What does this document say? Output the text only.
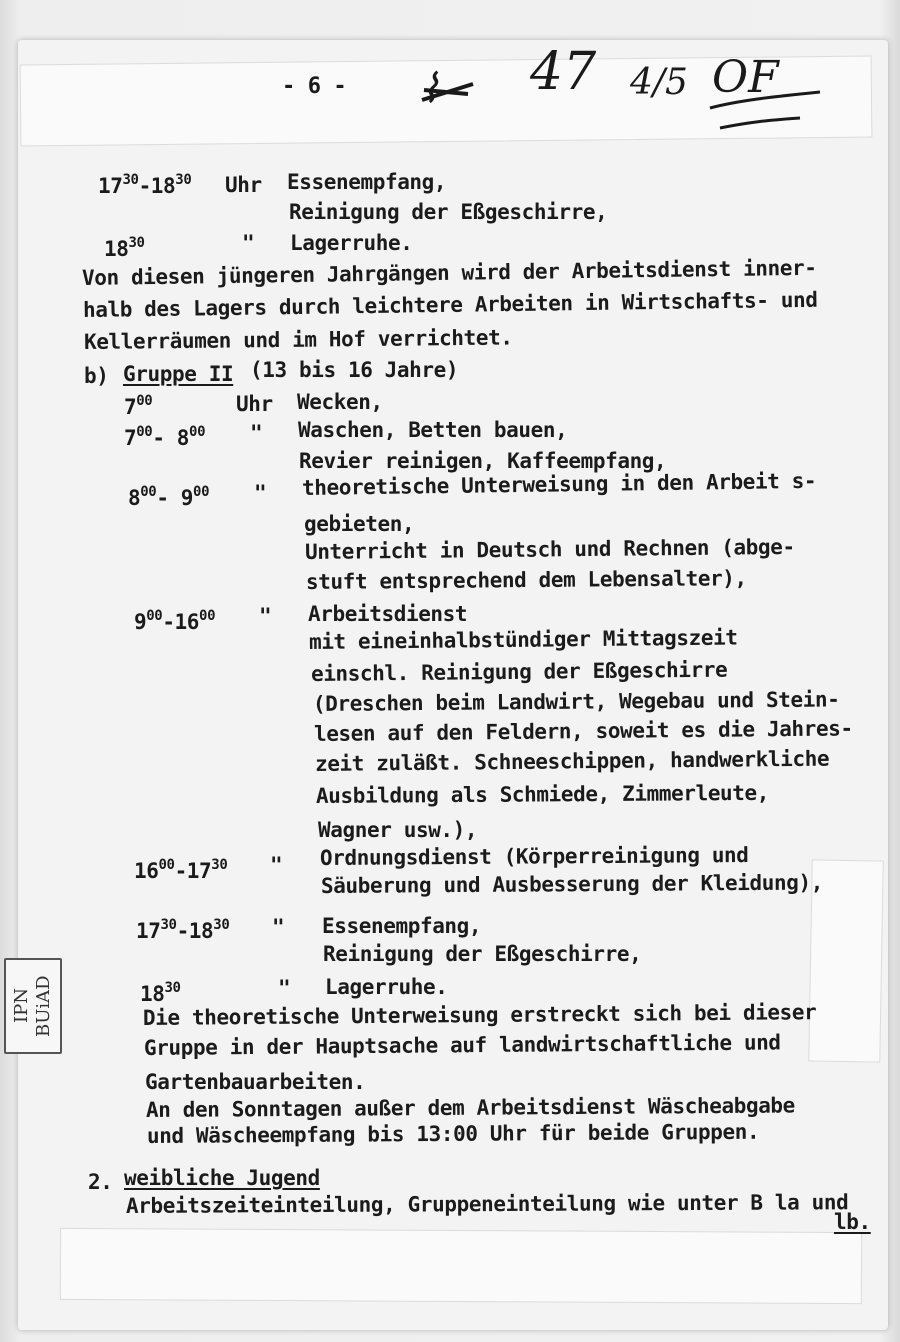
IPN BUiAD
- 6 - ⌇ 47 4/5 OF
$17^{30}-18^{30}$ Uhr Essenempfang,
Reinigung der Eßgeschirre,
$18^{30}$	" Lagerruhe.
Von diesen jüngeren Jahrgängen wird der Arbeitsdienst inner-
halb des Lagers durch leichtere Arbeiten in Wirtschafts- und
Kellerräumen und im Hof verrichtet.
b) Gruppe II (13 bis 16 Jahre)
$7^{00}$	Uhr Wecken,
$7^{00}-$ $8^{00}$ " Waschen, Betten bauen,
Revier reinigen, Kaffeempfang,
$8^{00}-$ $9^{00}$ " theoretische Unterweisung in den Arbeit s-
gebieten,
Unterricht in Deutsch und Rechnen (abge-
stuft entsprechend dem Lebensalter),
$9^{00}-16^{00}$ " Arbeitsdienst
mit eineinhalbstündiger Mittagszeit
einschl. Reinigung der Eßgeschirre
(Dreschen beim Landwirt, Wegebau und Stein-
lesen auf den Feldern, soweit es die Jahres-
zeit zuläßt. Schneeschippen, handwerkliche
Ausbildung als Schmiede, Zimmerleute,
Wagner usw.),
$16^{00}-17^{30}$ " Ordnungsdienst (Körperreinigung und
Säuberung und Ausbesserung der Kleidung),
$17^{30}-18^{30}$ " Essenempfang,
Reinigung der Eßgeschirre,
$18^{30}$	" Lagerruhe.
Die theoretische Unterweisung erstreckt sich bei dieser
Gruppe in der Hauptsache auf landwirtschaftliche und
Gartenbauarbeiten.
An den Sonntagen außer dem Arbeitsdienst Wäscheabgabe
und Wäscheempfang bis 13:00 Uhr für beide Gruppen.
2. weibliche Jugend
Arbeitszeiteinteilung, Gruppeneinteilung wie unter B la und
lb.
